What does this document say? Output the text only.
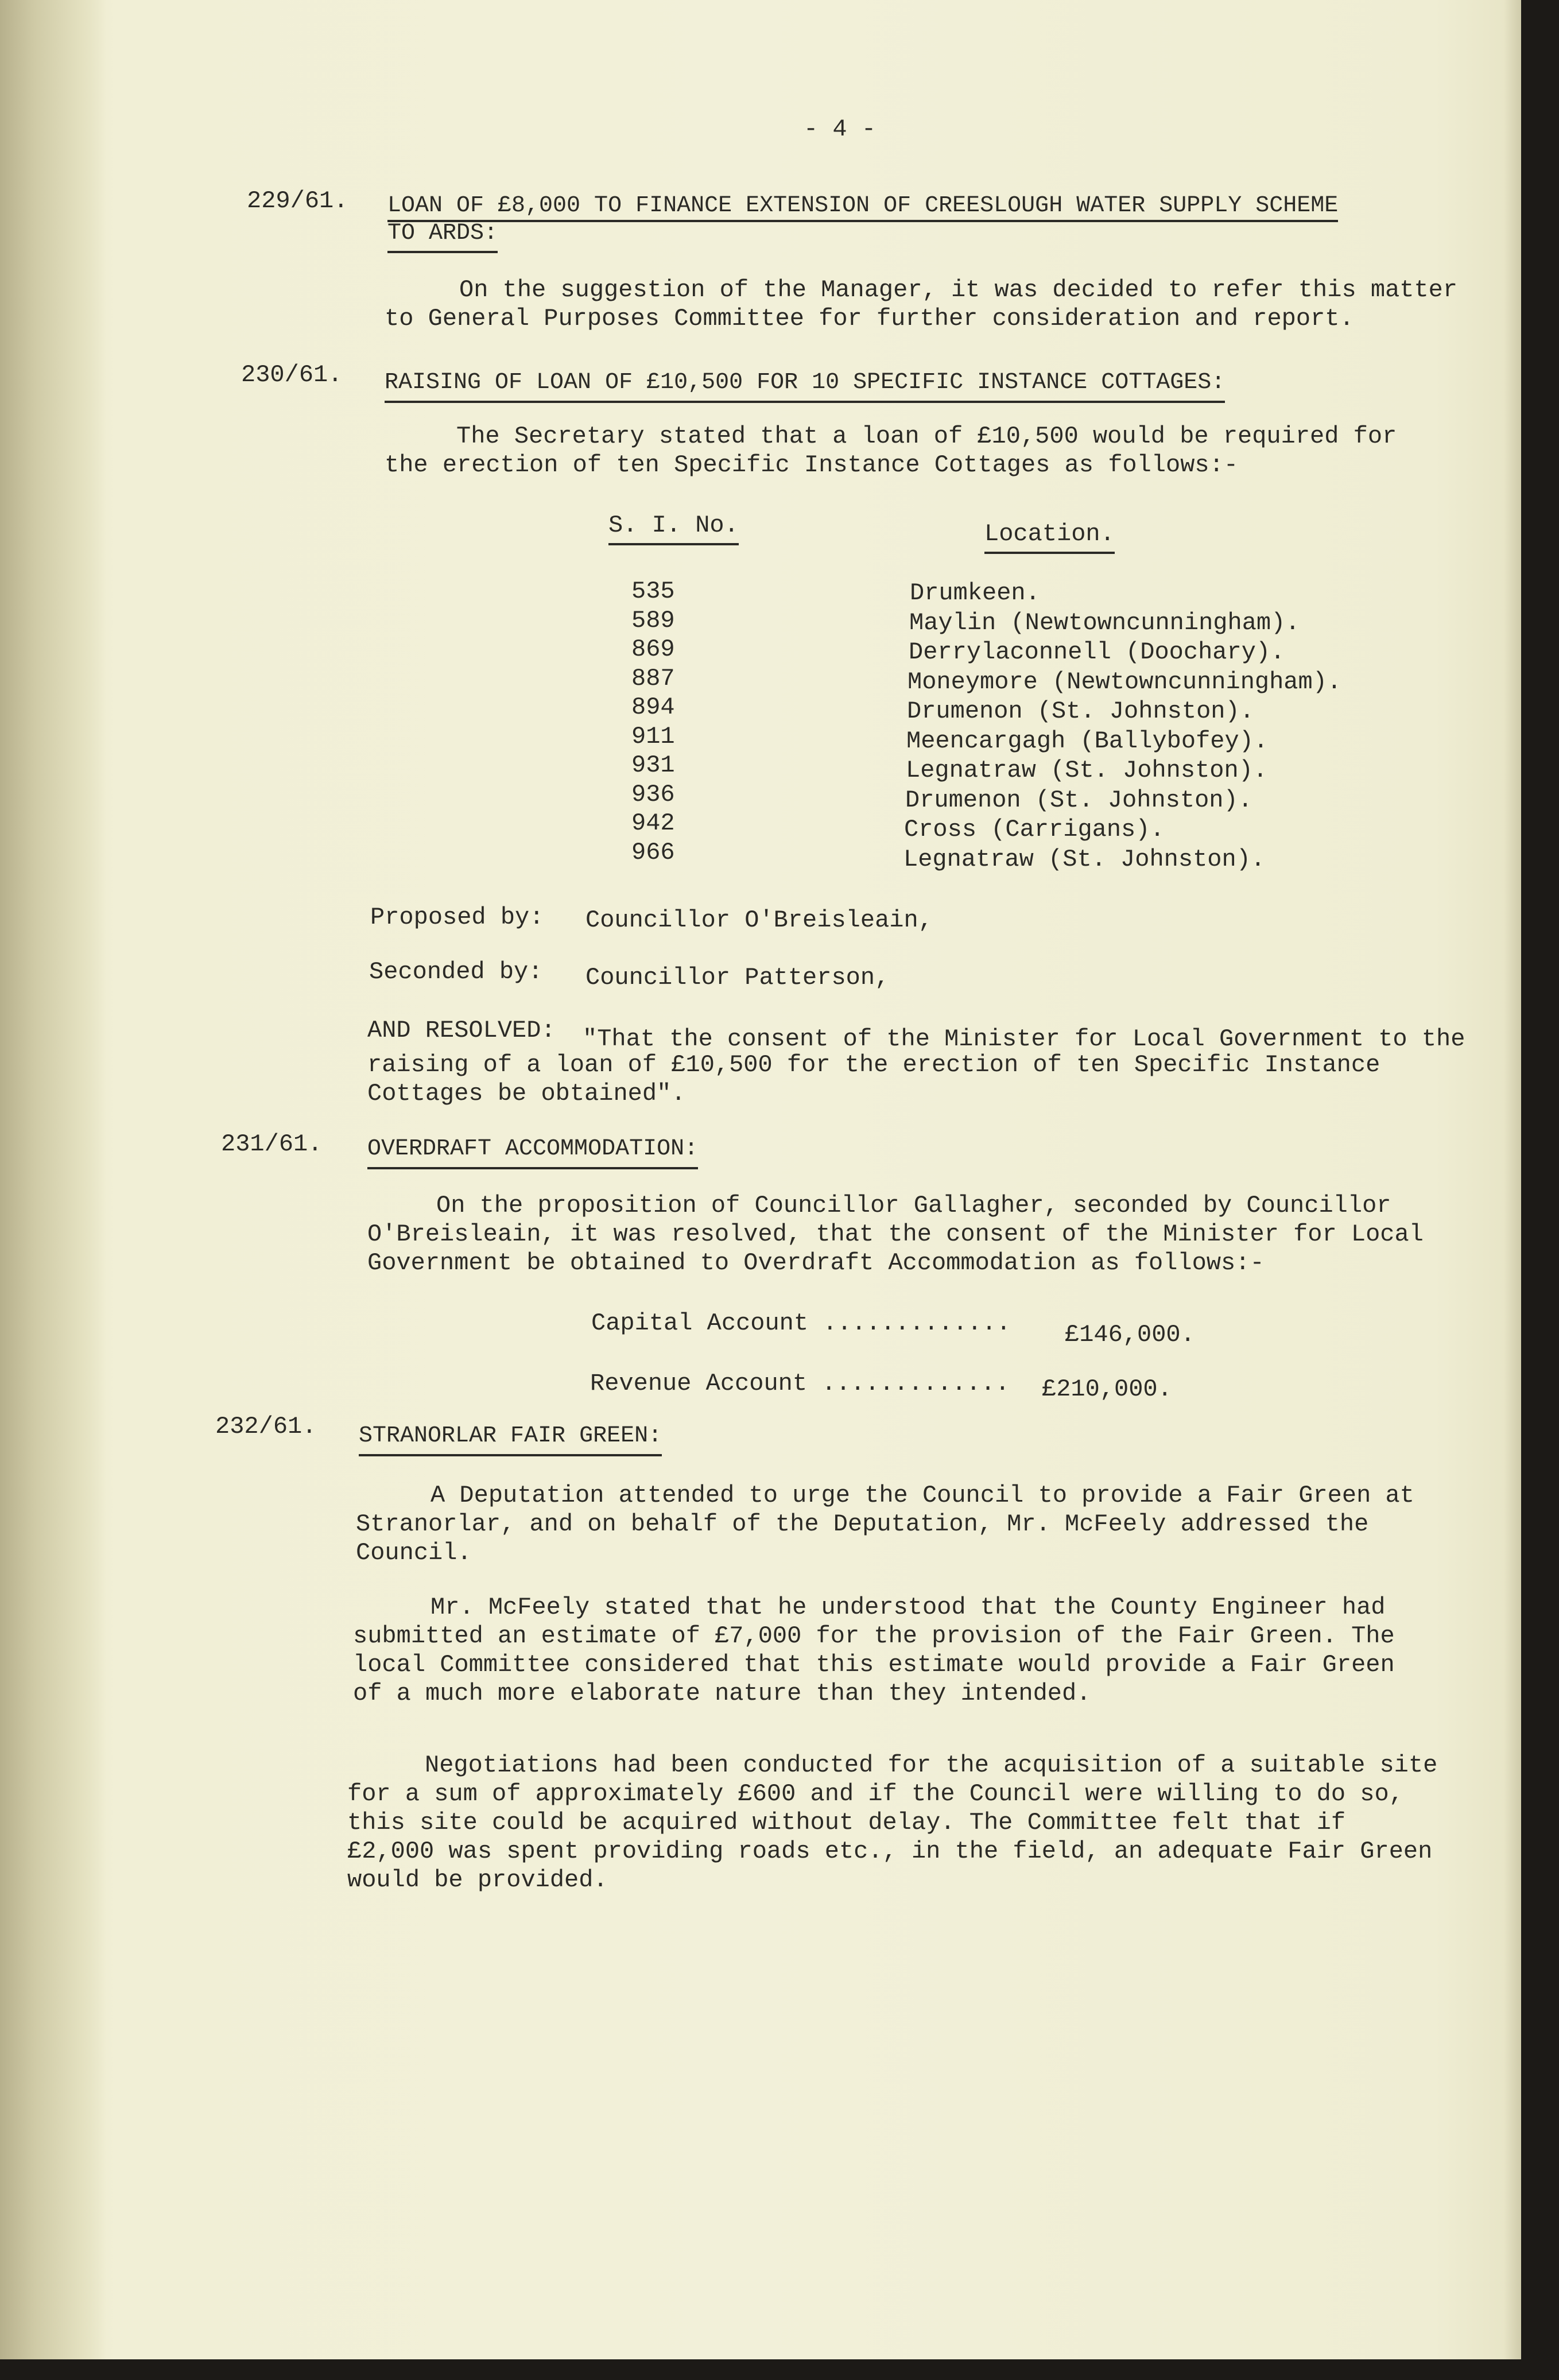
- 4 -
229/61. LOAN OF £8,000 TO FINANCE EXTENSION OF CREESLOUGH WATER SUPPLY SCHEME
TO ARDS:
On the suggestion of the Manager, it was decided to refer this matter
to General Purposes Committee for further consideration and report.
230/61. RAISING OF LOAN OF £10,500 FOR 10 SPECIFIC INSTANCE COTTAGES:
The Secretary stated that a loan of £10,500 would be required for
the erection of ten Specific Instance Cottages as follows:-
S. I. No.	Location.
535	Drumkeen.
589	Maylin (Newtowncunningham).
869	Derrylaconnell (Doochary).
887	Moneymore (Newtowncunningham).
894	Drumenon (St. Johnston).
911	Meencargagh (Ballybofey).
931	Legnatraw (St. Johnston).
936	Drumenon (St. Johnston).
942	Cross (Carrigans).
966	Legnatraw (St. Johnston).
Proposed by: Councillor O'Breisleain,
Seconded by: Councillor Patterson,
AND RESOLVED: "That the consent of the Minister for Local Government to the
raising of a loan of £10,500 for the erection of ten Specific Instance
Cottages be obtained".
231/61. OVERDRAFT ACCOMMODATION:
On the proposition of Councillor Gallagher, seconded by Councillor
O'Breisleain, it was resolved, that the consent of the Minister for Local
Government be obtained to Overdraft Accommodation as follows:-
Capital Account ............. £146,000.
Revenue Account ............. £210,000.
232/61. STRANORLAR FAIR GREEN:
A Deputation attended to urge the Council to provide a Fair Green at
Stranorlar, and on behalf of the Deputation, Mr. McFeely addressed the
Council.
Mr. McFeely stated that he understood that the County Engineer had
submitted an estimate of £7,000 for the provision of the Fair Green. The
local Committee considered that this estimate would provide a Fair Green
of a much more elaborate nature than they intended.
Negotiations had been conducted for the acquisition of a suitable site
for a sum of approximately £600 and if the Council were willing to do so,
this site could be acquired without delay. The Committee felt that if
£2,000 was spent providing roads etc., in the field, an adequate Fair Green
would be provided.
